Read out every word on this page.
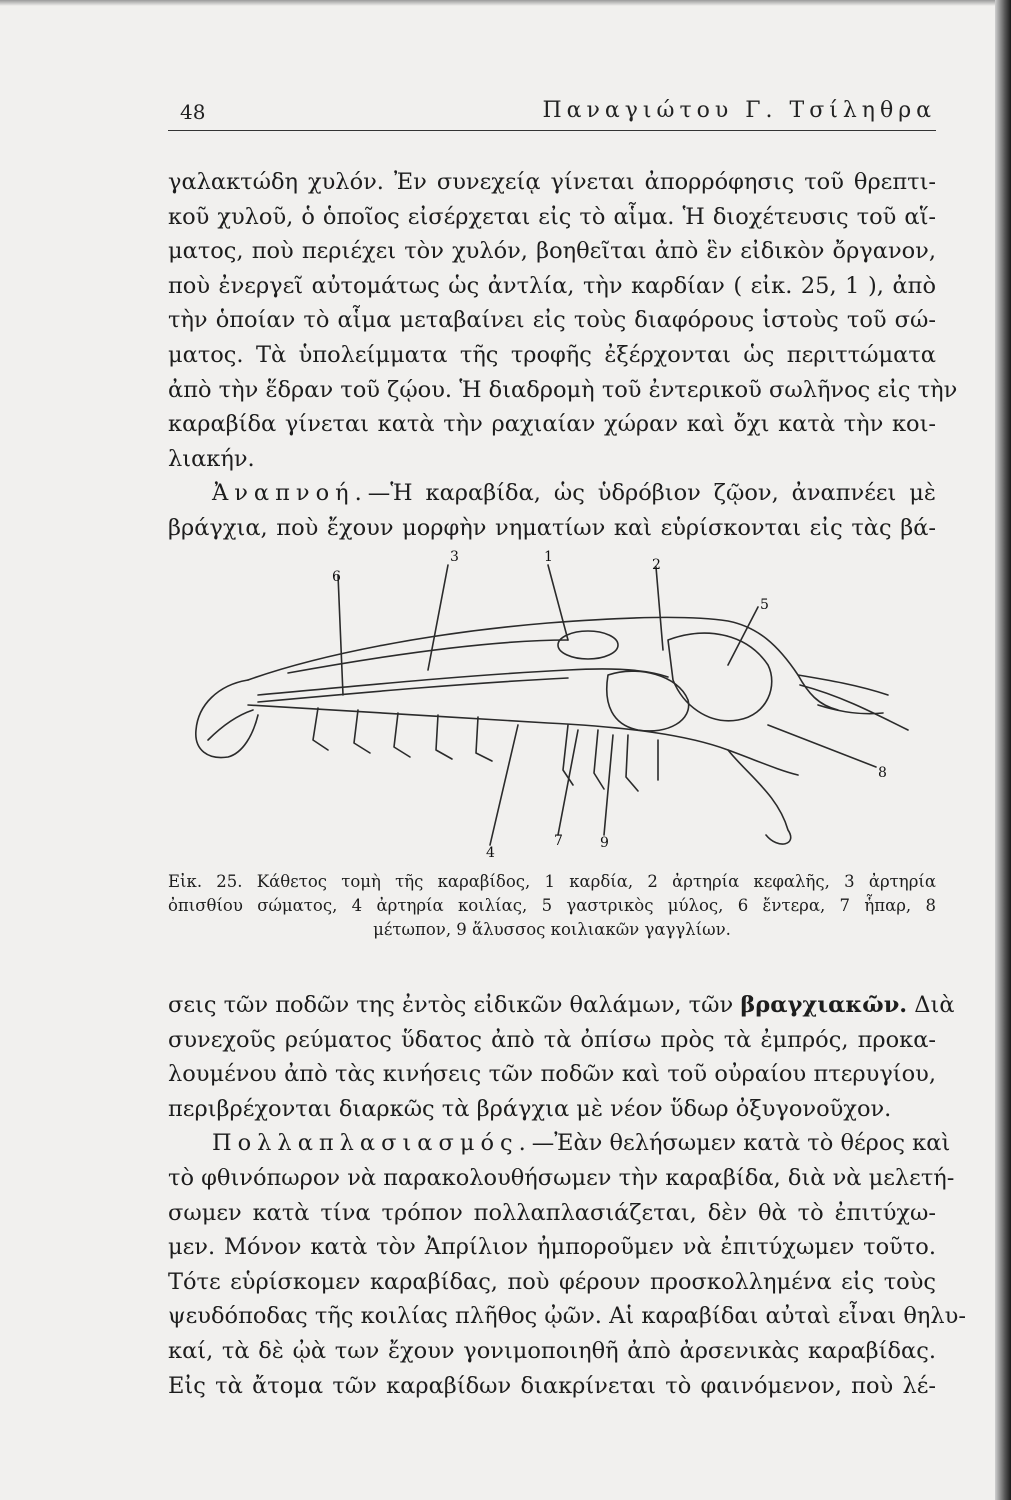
48	Παναγιώτου Γ. Τσίληθρα
γαλακτώδη χυλόν. Ἐν συνεχείᾳ γίνεται ἀπορρόφησις τοῦ θρεπτι-
κοῦ χυλοῦ, ὁ ὁποῖος εἰσέρχεται εἰς τὸ αἷμα. Ἡ διοχέτευσις τοῦ αἵ-
ματος, ποὺ περιέχει τὸν χυλόν, βοηθεῖται ἀπὸ ἓν εἰδικὸν ὄργανον,
ποὺ ἐνεργεῖ αὐτομάτως ὡς ἀντλία, τὴν καρδίαν ( εἰκ. 25, 1 ), ἀπὸ
τὴν ὁποίαν τὸ αἷμα μεταβαίνει εἰς τοὺς διαφόρους ἱστοὺς τοῦ σώ-
ματος. Τὰ ὑπολείμματα τῆς τροφῆς ἐξέρχονται ὡς περιττώματα
ἀπὸ τὴν ἕδραν τοῦ ζῴου. Ἡ διαδρομὴ τοῦ ἐντερικοῦ σωλῆνος εἰς τὴν
καραβίδα γίνεται κατὰ τὴν ραχιαίαν χώραν καὶ ὄχι κατὰ τὴν κοι-
λιακήν.
Ἀναπνοή.—Ἡ καραβίδα, ὡς ὑδρόβιον ζῷον, ἀναπνέει μὲ
βράγχια, ποὺ ἔχουν μορφὴν νηματίων καὶ εὑρίσκονται εἰς τὰς βά-
1	2
3
4
5
6
7
8
9
Εἰκ. 25. Κάθετος τομὴ τῆς καραβίδος, 1 καρδία, 2 ἀρτηρία κεφαλῆς, 3 ἀρτηρία
ὀπισθίου σώματος, 4 ἀρτηρία κοιλίας, 5 γαστρικὸς μύλος, 6 ἔντερα, 7 ἧπαρ, 8
μέτωπον, 9 ἅλυσσος κοιλιακῶν γαγγλίων.
σεις τῶν ποδῶν της ἐντὸς εἰδικῶν θαλάμων, τῶν βραγχιακῶν. Διὰ
συνεχοῦς ρεύματος ὕδατος ἀπὸ τὰ ὀπίσω πρὸς τὰ ἐμπρός, προκα-
λουμένου ἀπὸ τὰς κινήσεις τῶν ποδῶν καὶ τοῦ οὐραίου πτερυγίου,
περιβρέχονται διαρκῶς τὰ βράγχια μὲ νέον ὕδωρ ὀξυγονοῦχον.
Πολλαπλασιασμός.—Ἐὰν θελήσωμεν κατὰ τὸ θέρος καὶ
τὸ φθινόπωρον νὰ παρακολουθήσωμεν τὴν καραβίδα, διὰ νὰ μελετή-
σωμεν κατὰ τίνα τρόπον πολλαπλασιάζεται, δὲν θὰ τὸ ἐπιτύχω-
μεν. Μόνον κατὰ τὸν Ἀπρίλιον ἠμποροῦμεν νὰ ἐπιτύχωμεν τοῦτο.
Τότε εὑρίσκομεν καραβίδας, ποὺ φέρουν προσκολλημένα εἰς τοὺς
ψευδόποδας τῆς κοιλίας πλῆθος ᾠῶν. Αἱ καραβίδαι αὐταὶ εἶναι θηλυ-
καί, τὰ δὲ ᾠὰ των ἔχουν γονιμοποιηθῆ ἀπὸ ἀρσενικὰς καραβίδας.
Εἰς τὰ ἄτομα τῶν καραβίδων διακρίνεται τὸ φαινόμενον, ποὺ λέ-
